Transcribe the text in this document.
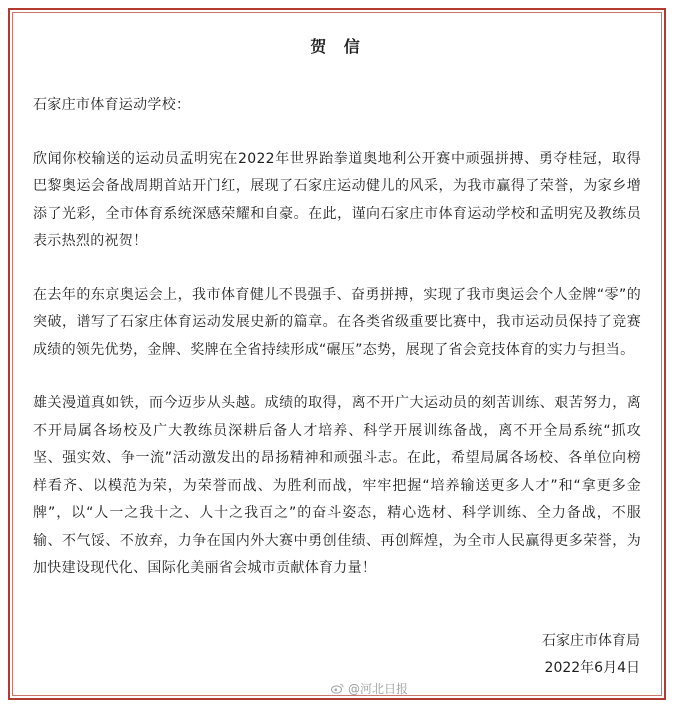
贺 信

石家庄市体育运动学校：

欣闻你校输送的运动员孟明宪在2022年世界跆拳道奥地利公开赛中顽强拼搏、勇夺桂冠，取得巴黎奥运会备战周期首站开门红，展现了石家庄运动健儿的风采，为我市赢得了荣誉，为家乡增添了光彩，全市体育系统深感荣耀和自豪。在此，谨向石家庄市体育运动学校和孟明宪及教练员表示热烈的祝贺！

在去年的东京奥运会上，我市体育健儿不畏强手、奋勇拼搏，实现了我市奥运会个人金牌“零”的突破，谱写了石家庄体育运动发展史新的篇章。在各类省级重要比赛中，我市运动员保持了竞赛成绩的领先优势，金牌、奖牌在全省持续形成“碾压”态势，展现了省会竞技体育的实力与担当。

雄关漫道真如铁，而今迈步从头越。成绩的取得，离不开广大运动员的刻苦训练、艰苦努力，离不开局属各场校及广大教练员深耕后备人才培养、科学开展训练备战，离不开全局系统“抓攻坚、强实效、争一流”活动激发出的昂扬精神和顽强斗志。在此，希望局属各场校、各单位向榜样看齐、以模范为荣，为荣誉而战、为胜利而战，牢牢把握“培养输送更多人才”和“拿更多金牌”，以“人一之我十之、人十之我百之”的奋斗姿态，精心选材、科学训练、全力备战，不服输、不气馁、不放弃，力争在国内外大赛中勇创佳绩、再创辉煌，为全市人民赢得更多荣誉，为加快建设现代化、国际化美丽省会城市贡献体育力量！

石家庄市体育局
2022年6月4日
@河北日报
